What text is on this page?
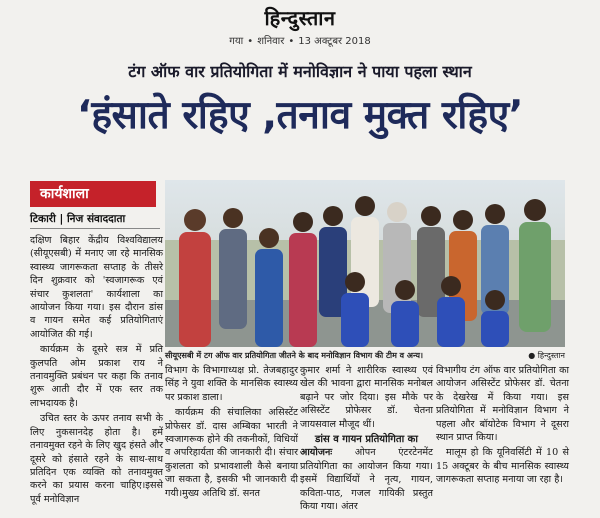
हिन्दुस्तान
गया • शनिवार • 13 अक्टूबर 2018
टंग ऑफ वार प्रतियोगिता में मनोविज्ञान ने पाया पहला स्थान
‘हंसाते रहिए ,तनाव मुक्त रहिए’
कार्यशाला
टिकारी | निज संवाददाता
सीयूएसबी में टग ऑफ वार प्रतियोगिता जीतने के बाद मनोविज्ञान विभाग की टीम व अन्य।	● हिन्दुस्तान

दक्षिण बिहार केंद्रीय विश्वविद्यालय (सीयूएसबी) में मनाए जा रहे मानसिक स्वास्थ्य जागरूकता सप्ताह के तीसरे दिन शुक्रवार को 'स्वजागरूक एवं संचार कुशलता' कार्यशाला का आयोजन किया गया। इस दौरान डांस व गायन समेत कई प्रतियोगिताएं आयोजित की गई।

कार्यक्रम के दूसरे सत्र में प्रति कुलपति ओम प्रकाश राय ने तनावमुक्ति प्रबंधन पर कहा कि तनाव शुरू आती दौर में एक स्तर तक लाभदायक है।

उचित स्तर के ऊपर तनाव सभी के लिए नुकसानदेह होता है। हमें तनावमुक्त रहने के लिए खुद हंसते और दूसरे को हंसाते रहने के साथ-साथ प्रतिदिन एक व्यक्ति को तनावमुक्त करने का प्रयास करना चाहिए।इससे पूर्व मनोविज्ञान

विभाग के विभागाध्यक्ष प्रो. तेजबहादुर सिंह ने युवा शक्ति के मानसिक स्वास्थ्य पर प्रकाश डाला।

कार्यक्रम की संचालिका असिस्टेंट प्रोफेसर डॉ. दास अम्बिका भारती ने स्वजागरूक होने की तकनीकों, विधियों व अपरिहार्यता की जानकारी दी। संचार कुशलता को प्रभावशाली कैसे बनाया जा सकता है, इसकी भी जानकारी दी गयी।मुख्य अतिथि डॉ. सनत

कुमार शर्मा ने शारीरिक स्वास्थ्य एवं खेल की भावना द्वारा मानसिक मनोबल बढ़ाने पर जोर दिया। इस मौके पर असिस्टेंट प्रोफेसर डॉ. चेतना जायसवाल मौजूद थीं।

डांस व गायन प्रतियोगिता का

आयोजनः ओपन एंटरटेनमेंट प्रतियोगिता का आयोजन किया गया। इसमें विद्यार्थियों ने नृत्य, गायन, कविता-पाठ, गजल गायिकी प्रस्तुत किया गया। अंतर

विभागीय टंग ऑफ वार प्रतियोगिता का आयोजन असिस्टेंट प्रोफेसर डॉ. चेतना के देखरेख में किया गया। इस प्रतियोगिता में मनोविज्ञान विभाग ने पहला और बॉयोटेक विभाग ने दूसरा स्थान प्राप्त किया।

मालूम हो कि यूनिवर्सिटी में 10 से 15 अक्टूबर के बीच मानसिक स्वास्थ्य जागरूकता सप्ताह मनाया जा रहा है।
